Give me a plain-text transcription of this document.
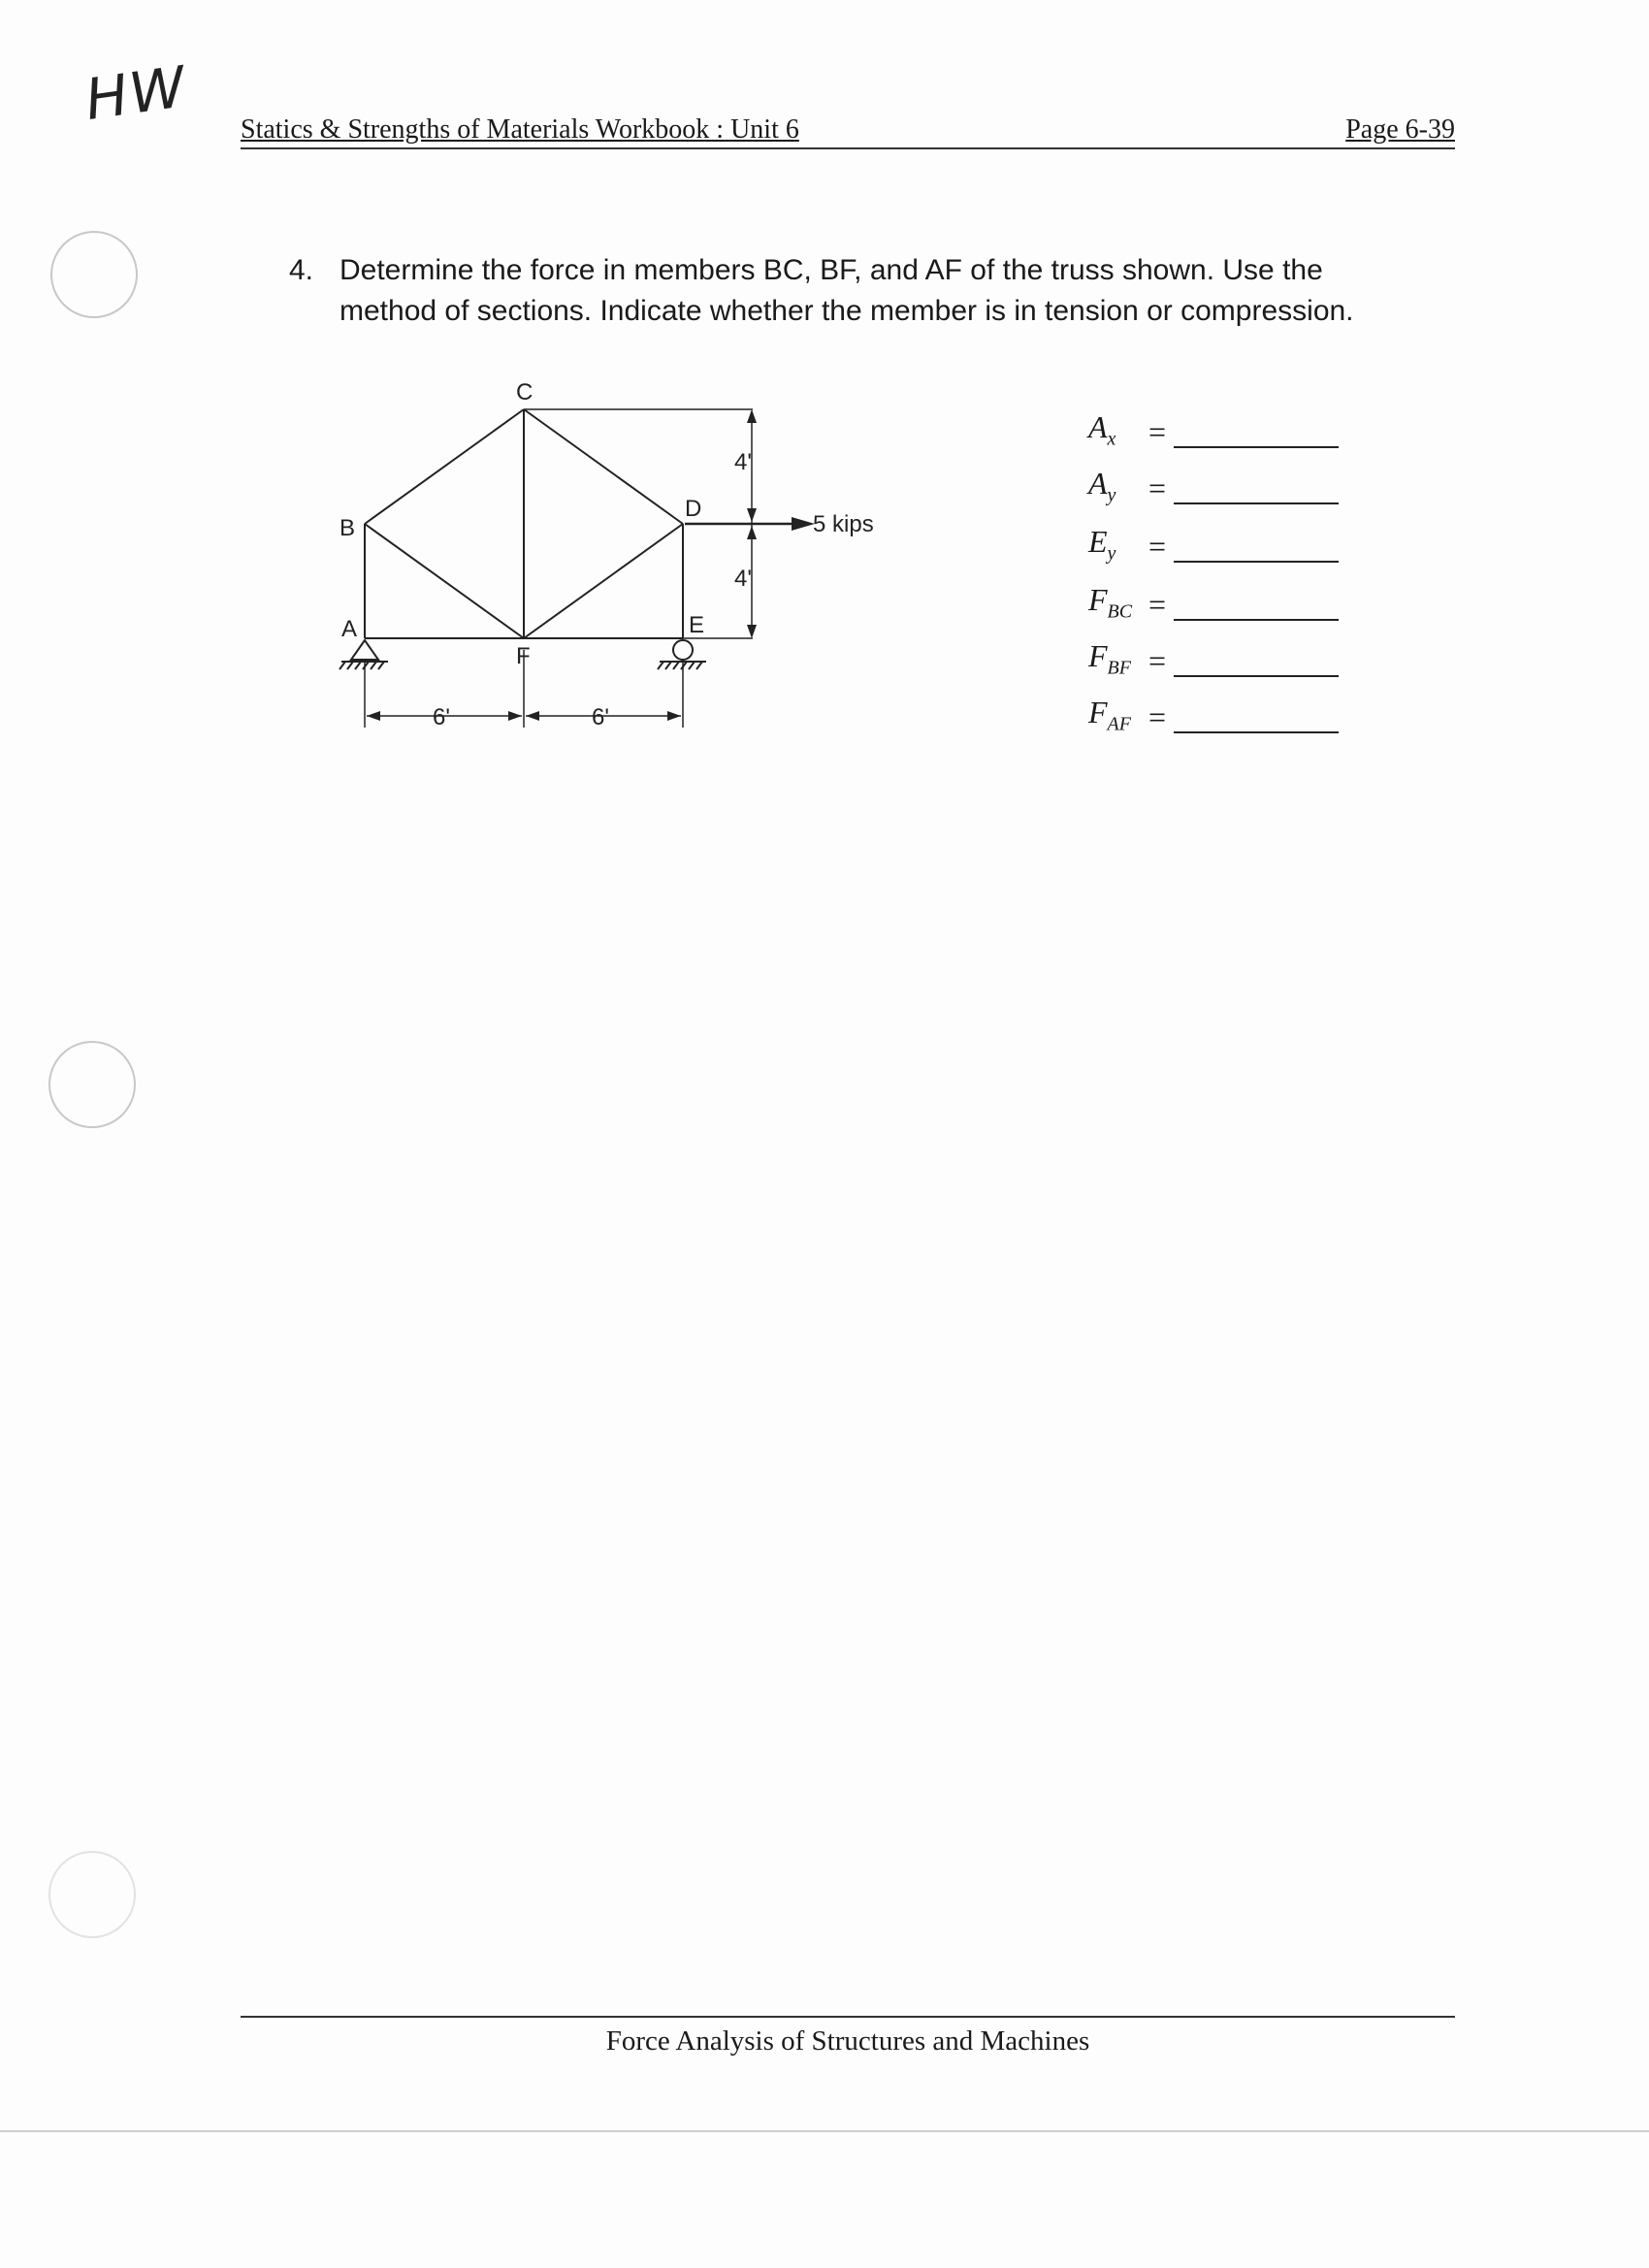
HW Statics & Strengths of Materials Workbook : Unit 6	Page 6-39
4. Determine the force in members BC, BF, and AF of the truss shown. Use the method of sections. Indicate whether the member is in tension or compression.
B
A
C
D
E
F
4'
4'
6'	6'
5 kips
$A_x$ =
$A_y$ =
$E_y$ =
$F_{BC}$ =
$F_{BF}$ =
$F_{AF}$ =
Force Analysis of Structures and Machines
